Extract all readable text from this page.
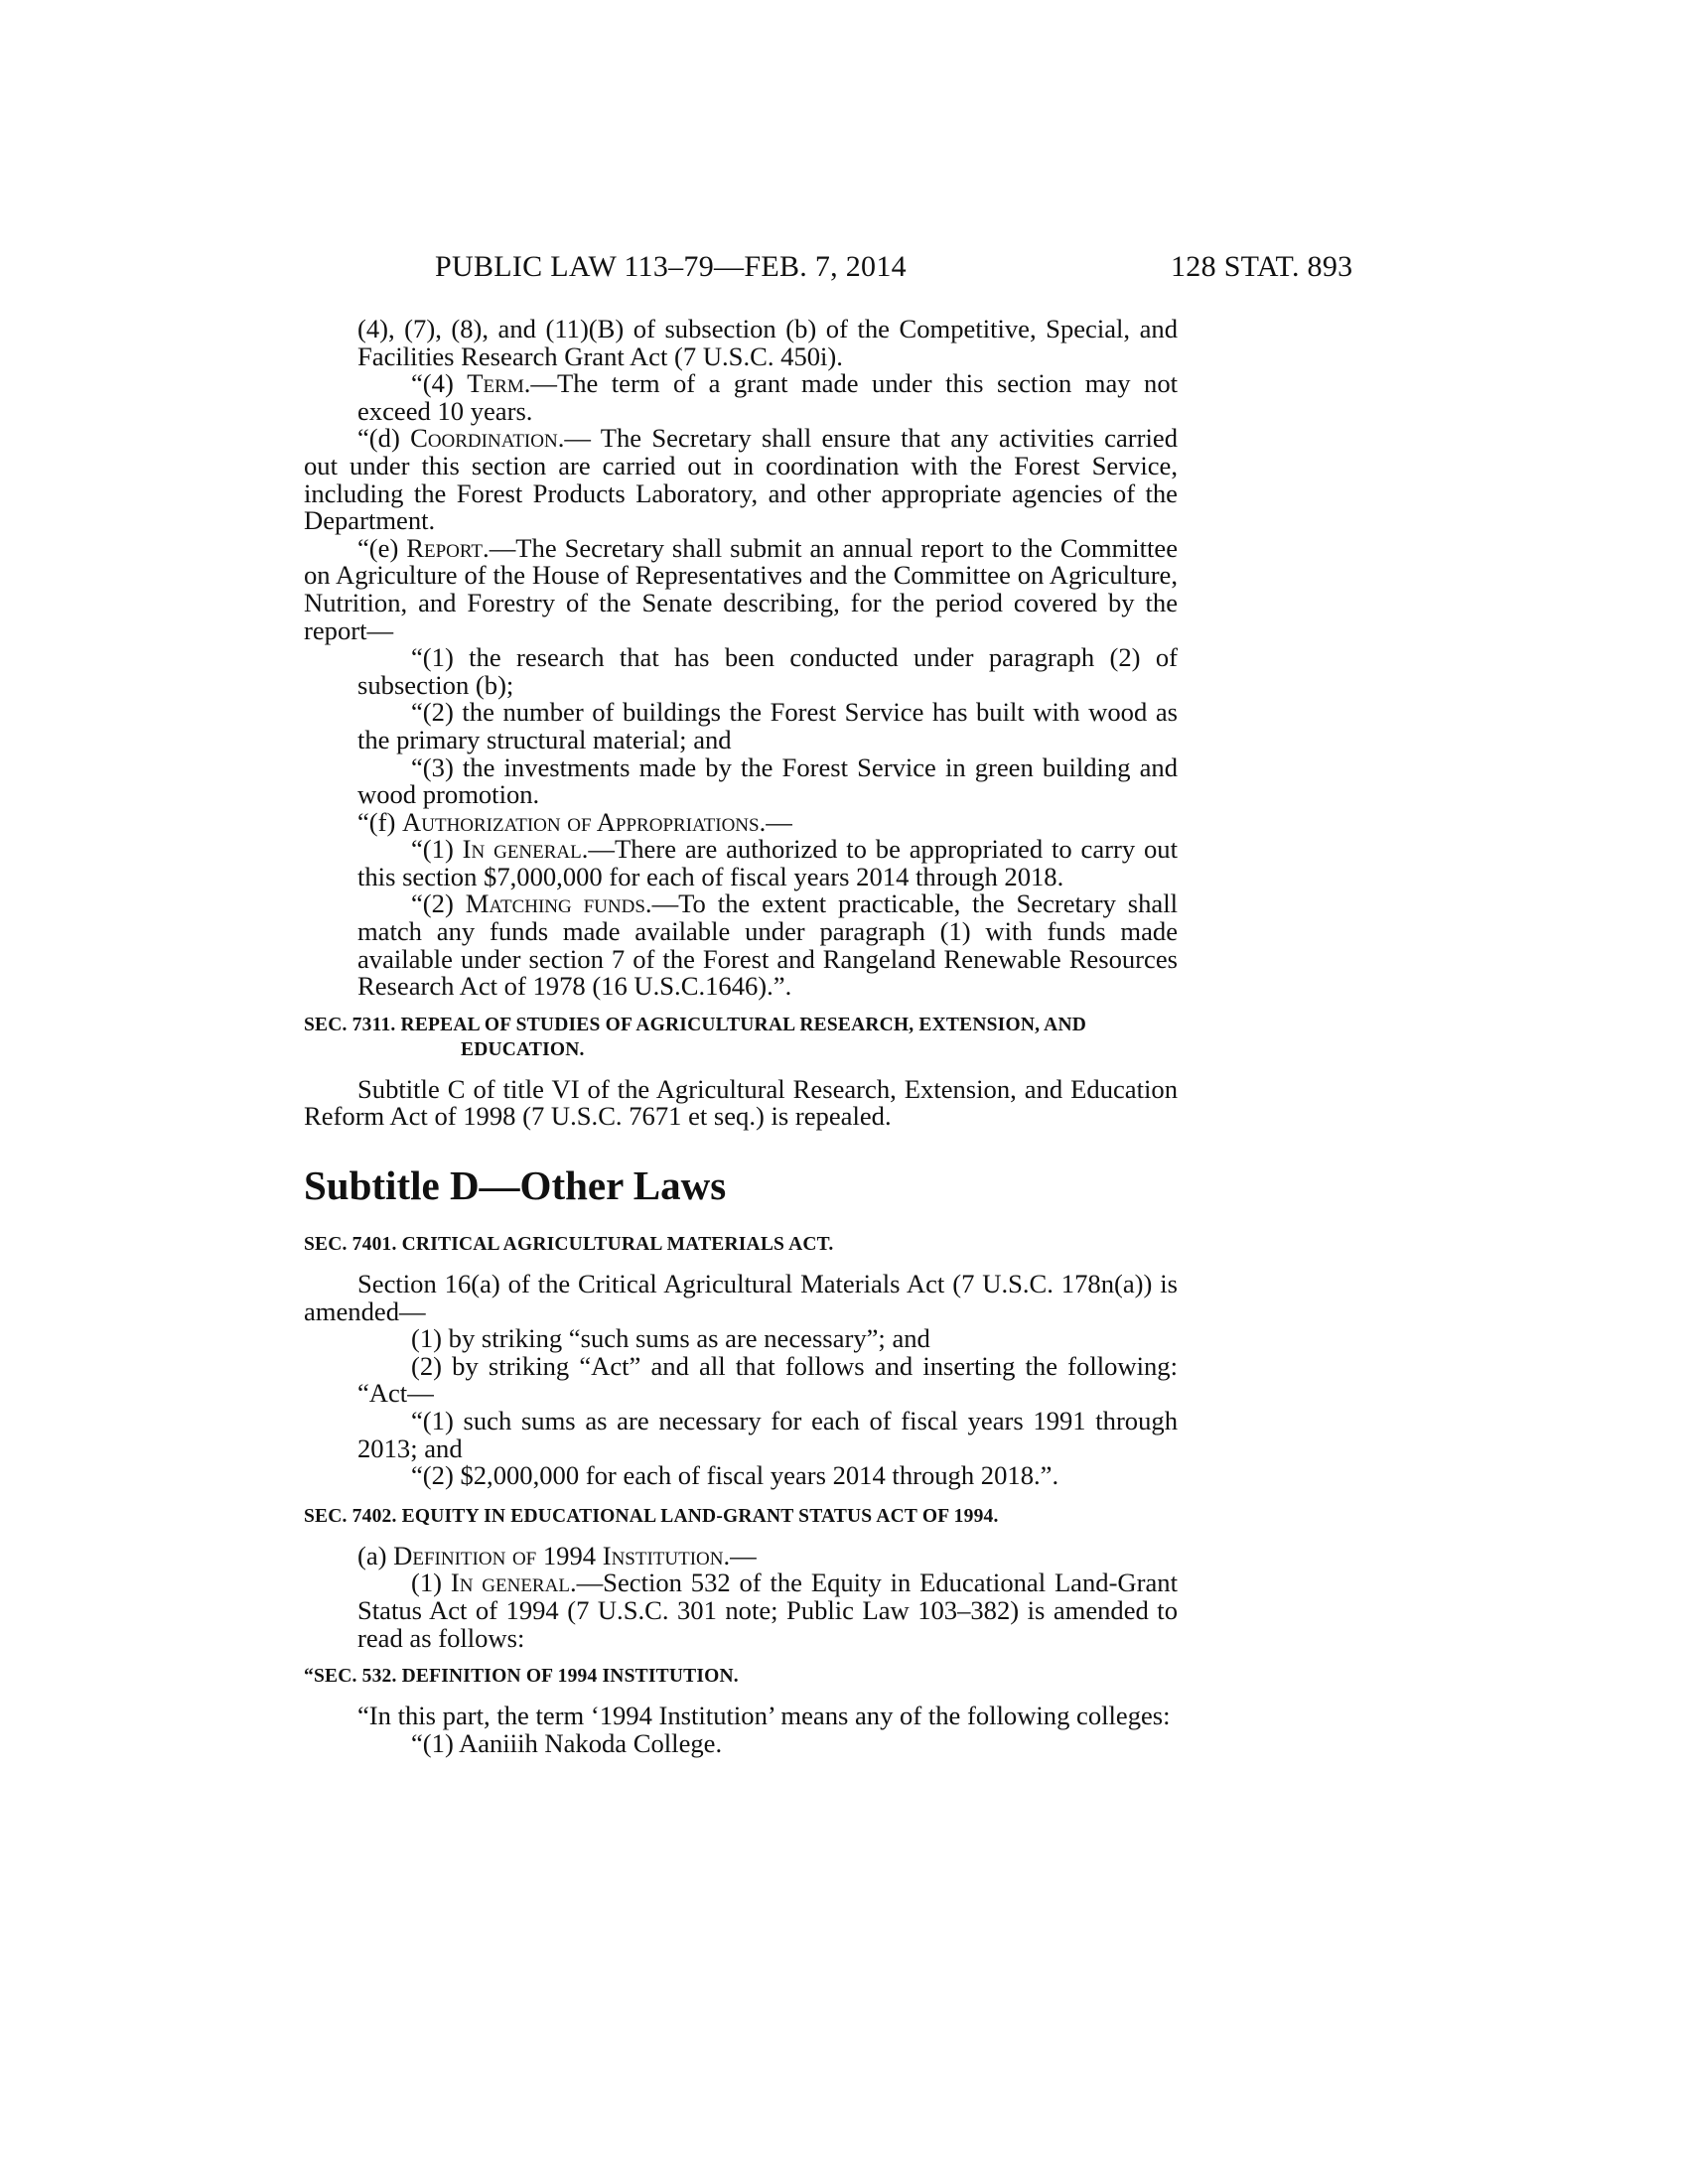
PUBLIC LAW 113–79—FEB. 7, 2014	128 STAT. 893

(4), (7), (8), and (11)(B) of subsection (b) of the Competitive, Special, and Facilities Research Grant Act (7 U.S.C. 450i).

“(4) Term.—The term of a grant made under this section may not exceed 10 years.

“(d) Coordination.— The Secretary shall ensure that any activities carried out under this section are carried out in coordination with the Forest Service, including the Forest Products Laboratory, and other appropriate agencies of the Department.

“(e) Report.—The Secretary shall submit an annual report to the Committee on Agriculture of the House of Representatives and the Committee on Agriculture, Nutrition, and Forestry of the Senate describing, for the period covered by the report—

“(1) the research that has been conducted under paragraph (2) of subsection (b);

“(2) the number of buildings the Forest Service has built with wood as the primary structural material; and

“(3) the investments made by the Forest Service in green building and wood promotion.

“(f) Authorization of Appropriations.—

“(1) In general.—There are authorized to be appropriated to carry out this section $7,000,000 for each of fiscal years 2014 through 2018.

“(2) Matching funds.—To the extent practicable, the Secretary shall match any funds made available under paragraph (1) with funds made available under section 7 of the Forest and Rangeland Renewable Resources Research Act of 1978 (16 U.S.C.1646).”.

SEC. 7311. REPEAL OF STUDIES OF AGRICULTURAL RESEARCH, EXTENSION, AND EDUCATION.

Subtitle C of title VI of the Agricultural Research, Extension, and Education Reform Act of 1998 (7 U.S.C. 7671 et seq.) is repealed.

Subtitle D—Other Laws

SEC. 7401. CRITICAL AGRICULTURAL MATERIALS ACT.

Section 16(a) of the Critical Agricultural Materials Act (7 U.S.C. 178n(a)) is amended—

(1) by striking “such sums as are necessary”; and

(2) by striking “Act” and all that follows and inserting the following: “Act—

“(1) such sums as are necessary for each of fiscal years 1991 through 2013; and

“(2) $2,000,000 for each of fiscal years 2014 through 2018.”.

SEC. 7402. EQUITY IN EDUCATIONAL LAND-GRANT STATUS ACT OF 1994.

(a) Definition of 1994 Institution.—

(1) In general.—Section 532 of the Equity in Educational Land-Grant Status Act of 1994 (7 U.S.C. 301 note; Public Law 103–382) is amended to read as follows:

“SEC. 532. DEFINITION OF 1994 INSTITUTION.

“In this part, the term ‘1994 Institution’ means any of the following colleges:

“(1) Aaniiih Nakoda College.
